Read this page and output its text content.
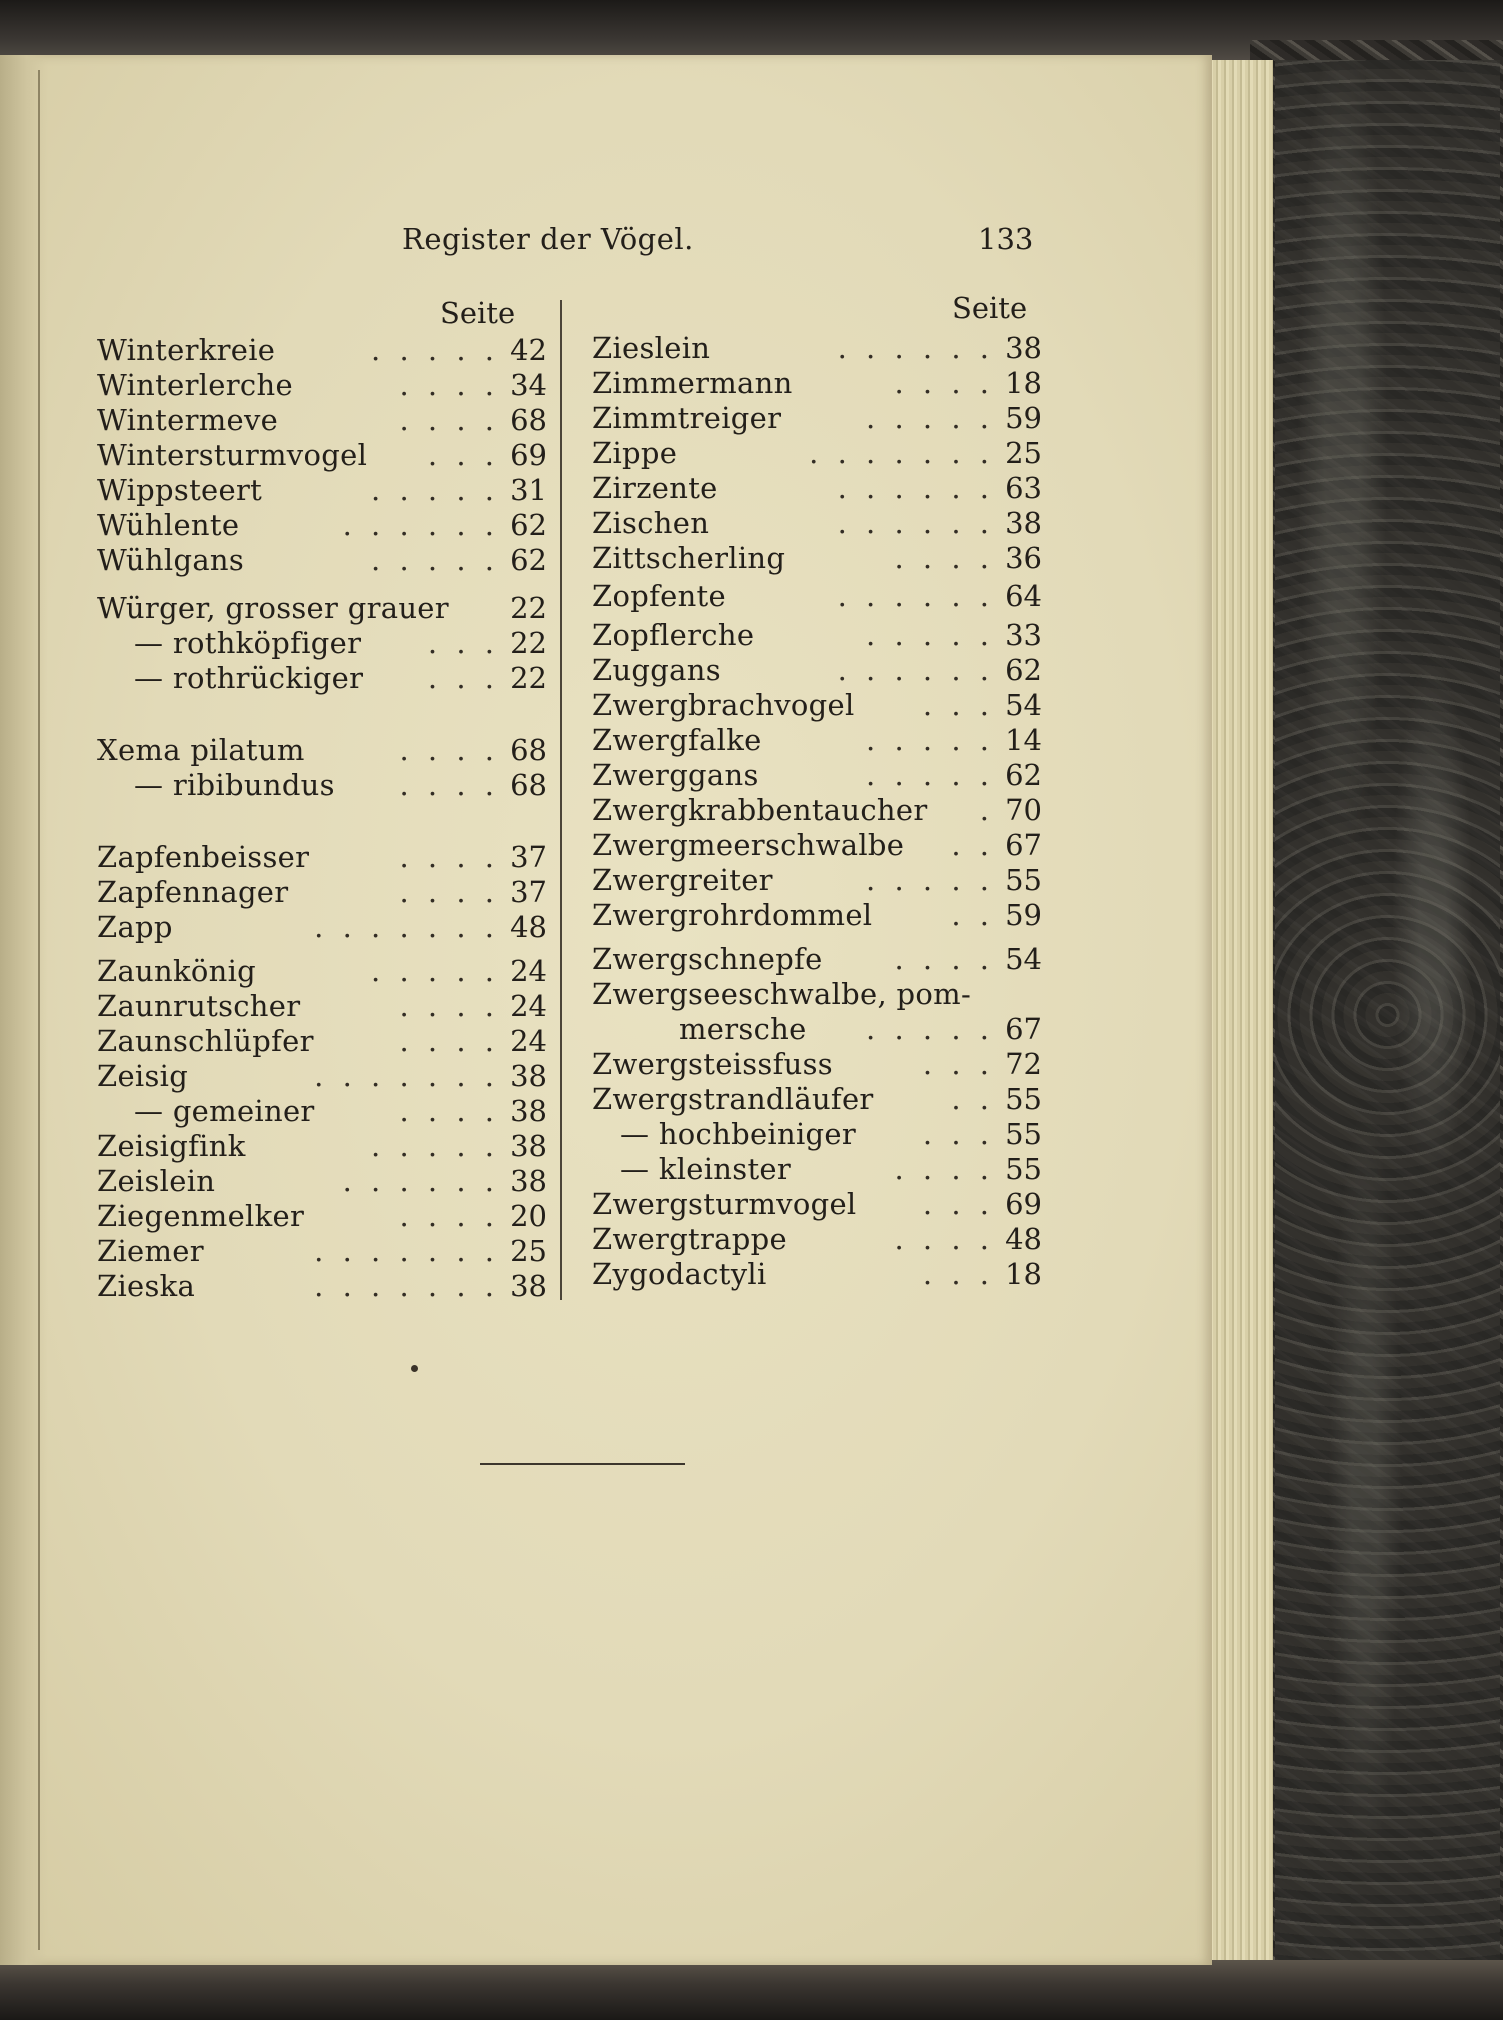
Register der Vögel.	133
Seite	Seite
Winterkreie	. . . . . 42
Winterlerche	. . . . 34
Wintermeve	. . . . 68
Wintersturmvogel . . . 69
Wippsteert	. . . . . 31
Wühlente	. . . . . . 62
Wühlgans	. . . . . 62
Würger, grosser grauer 22
— rothköpfiger . . . 22
— rothrückiger . . . 22
Xema pilatum	. . . . 68
— ribibundus . . . . 68
Zapfenbeisser	. . . . 37
Zapfennager	. . . . 37
Zapp	. . . . . . . 48
Zaunkönig	. . . . . 24
Zaunrutscher	. . . . 24
Zaunschlüpfer	. . . . 24
Zeisig	. . . . . . . 38
— gemeiner	. . . . 38
Zeisigfink	. . . . . 38
Zeislein	. . . . . . 38
Ziegenmelker	. . . . 20
Ziemer	. . . . . . . 25
Zieska	. . . . . . . 38
Zieslein	. . . . . . 38
Zimmermann	. . . . 18
Zimmtreiger	. . . . . 59
Zippe	. . . . . . . 25
Zirzente	. . . . . . 63
Zischen	. . . . . . 38
Zittscherling	. . . . 36
Zopfente	. . . . . . 64
Zopflerche	. . . . . 33
Zuggans	. . . . . . 62
Zwergbrachvogel . . . 54
Zwergfalke	. . . . . 14
Zwerggans	. . . . . 62
Zwergkrabbentaucher . 70
Zwergmeerschwalbe . . 67
Zwergreiter	. . . . . 55
Zwergrohrdommel	. . 59
Zwergschnepfe . . . . 54
Zwergseeschwalbe, pom-
mersche . . . . . 67
Zwergsteissfuss	. . . 72
Zwergstrandläufer	. . 55
— hochbeiniger . . . 55
— kleinster	. . . . 55
Zwergsturmvogel . . . 69
Zwergtrappe	. . . . 48
Zygodactyli	. . . 18
